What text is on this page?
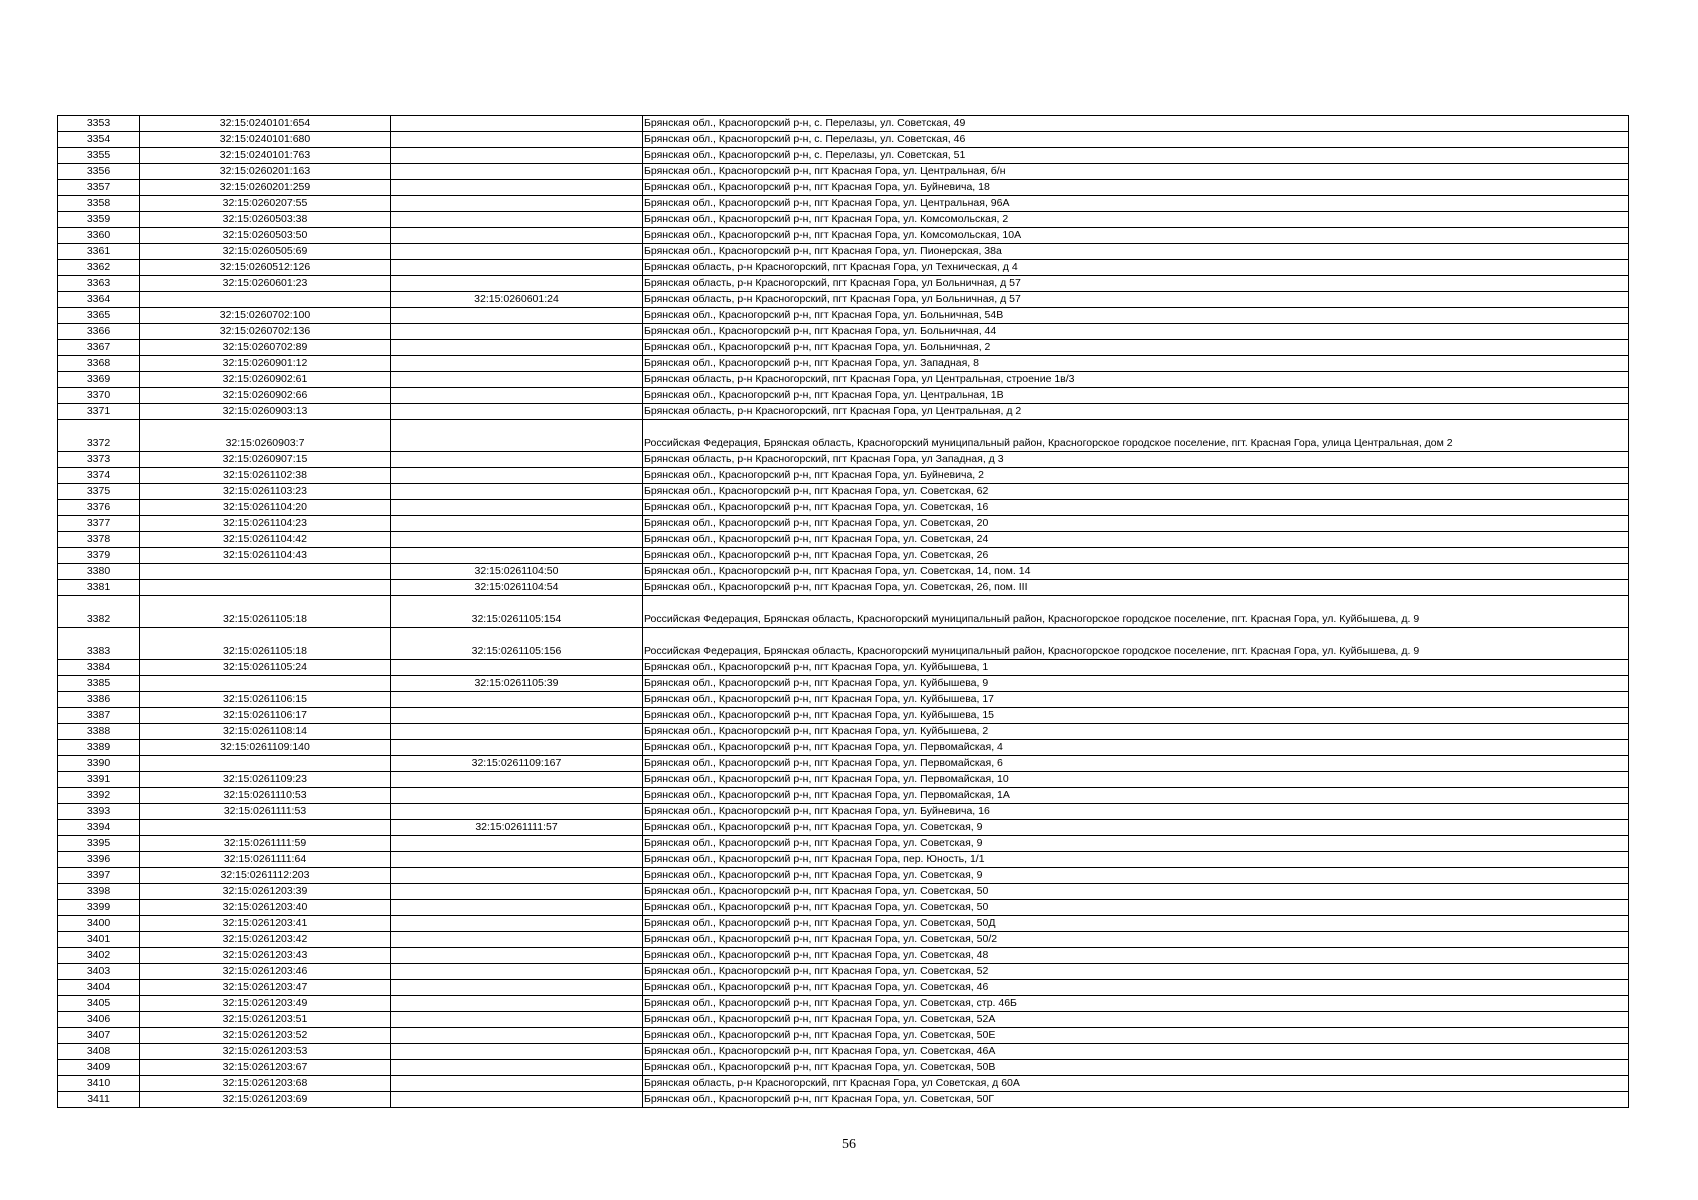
3353	32:15:0240101:654		Брянская обл., Красногорский р-н, с. Перелазы, ул. Советская, 49
3354	32:15:0240101:680		Брянская обл., Красногорский р-н, с. Перелазы, ул. Советская, 46
3355	32:15:0240101:763		Брянская обл., Красногорский р-н, с. Перелазы, ул. Советская, 51
3356	32:15:0260201:163		Брянская обл., Красногорский р-н, пгт Красная Гора, ул. Центральная, б/н
3357	32:15:0260201:259		Брянская обл., Красногорский р-н, пгт Красная Гора, ул. Буйневича, 18
3358	32:15:0260207:55		Брянская обл., Красногорский р-н, пгт Красная Гора, ул. Центральная, 96А
3359	32:15:0260503:38		Брянская обл., Красногорский р-н, пгт Красная Гора, ул. Комсомольская, 2
3360	32:15:0260503:50		Брянская обл., Красногорский р-н, пгт Красная Гора, ул. Комсомольская, 10А
3361	32:15:0260505:69		Брянская обл., Красногорский р-н, пгт Красная Гора, ул. Пионерская, 38а
3362	32:15:0260512:126		Брянская область, р-н Красногорский, пгт Красная Гора, ул Техническая, д 4
3363	32:15:0260601:23		Брянская область, р-н Красногорский, пгт Красная Гора, ул Больничная, д 57
3364		32:15:0260601:24	Брянская область, р-н Красногорский, пгт Красная Гора, ул Больничная, д 57
3365	32:15:0260702:100		Брянская обл., Красногорский р-н, пгт Красная Гора, ул. Больничная, 54В
3366	32:15:0260702:136		Брянская обл., Красногорский р-н, пгт Красная Гора, ул. Больничная, 44
3367	32:15:0260702:89		Брянская обл., Красногорский р-н, пгт Красная Гора, ул. Больничная, 2
3368	32:15:0260901:12		Брянская обл., Красногорский р-н, пгт Красная Гора, ул. Западная, 8
3369	32:15:0260902:61		Брянская область, р-н Красногорский, пгт Красная Гора, ул Центральная, строение 1в/3
3370	32:15:0260902:66		Брянская обл., Красногорский р-н, пгт Красная Гора, ул. Центральная, 1В
3371	32:15:0260903:13		Брянская область, р-н Красногорский, пгт Красная Гора, ул Центральная, д 2
3372	32:15:0260903:7		Российская Федерация, Брянская область, Красногорский муниципальный район, Красногорское городское поселение, пгт. Красная Гора, улица Центральная, дом 2
3373	32:15:0260907:15		Брянская область, р-н Красногорский, пгт Красная Гора, ул Западная, д 3
3374	32:15:0261102:38		Брянская обл., Красногорский р-н, пгт Красная Гора, ул. Буйневича, 2
3375	32:15:0261103:23		Брянская обл., Красногорский р-н, пгт Красная Гора, ул. Советская, 62
3376	32:15:0261104:20		Брянская обл., Красногорский р-н, пгт Красная Гора, ул. Советская, 16
3377	32:15:0261104:23		Брянская обл., Красногорский р-н, пгт Красная Гора, ул. Советская, 20
3378	32:15:0261104:42		Брянская обл., Красногорский р-н, пгт Красная Гора, ул. Советская, 24
3379	32:15:0261104:43		Брянская обл., Красногорский р-н, пгт Красная Гора, ул. Советская, 26
3380		32:15:0261104:50	Брянская обл., Красногорский р-н, пгт Красная Гора, ул. Советская, 14, пом. 14
3381		32:15:0261104:54	Брянская обл., Красногорский р-н, пгт Красная Гора, ул. Советская, 26, пом. III
3382	32:15:0261105:18	32:15:0261105:154	Российская Федерация, Брянская область, Красногорский муниципальный район, Красногорское городское поселение, пгт. Красная Гора, ул. Куйбышева, д. 9
3383	32:15:0261105:18	32:15:0261105:156	Российская Федерация, Брянская область, Красногорский муниципальный район, Красногорское городское поселение, пгт. Красная Гора, ул. Куйбышева, д. 9
3384	32:15:0261105:24		Брянская обл., Красногорский р-н, пгт Красная Гора, ул. Куйбышева, 1
3385		32:15:0261105:39	Брянская обл., Красногорский р-н, пгт Красная Гора, ул. Куйбышева, 9
3386	32:15:0261106:15		Брянская обл., Красногорский р-н, пгт Красная Гора, ул. Куйбышева, 17
3387	32:15:0261106:17		Брянская обл., Красногорский р-н, пгт Красная Гора, ул. Куйбышева, 15
3388	32:15:0261108:14		Брянская обл., Красногорский р-н, пгт Красная Гора, ул. Куйбышева, 2
3389	32:15:0261109:140		Брянская обл., Красногорский р-н, пгт Красная Гора, ул. Первомайская, 4
3390		32:15:0261109:167	Брянская обл., Красногорский р-н, пгт Красная Гора, ул. Первомайская, 6
3391	32:15:0261109:23		Брянская обл., Красногорский р-н, пгт Красная Гора, ул. Первомайская, 10
3392	32:15:0261110:53		Брянская обл., Красногорский р-н, пгт Красная Гора, ул. Первомайская, 1А
3393	32:15:0261111:53		Брянская обл., Красногорский р-н, пгт Красная Гора, ул. Буйневича, 16
3394		32:15:0261111:57	Брянская обл., Красногорский р-н, пгт Красная Гора, ул. Советская, 9
3395	32:15:0261111:59		Брянская обл., Красногорский р-н, пгт Красная Гора, ул. Советская, 9
3396	32:15:0261111:64		Брянская обл., Красногорский р-н, пгт Красная Гора, пер. Юность, 1/1
3397	32:15:0261112:203		Брянская обл., Красногорский р-н, пгт Красная Гора, ул. Советская, 9
3398	32:15:0261203:39		Брянская обл., Красногорский р-н, пгт Красная Гора, ул. Советская, 50
3399	32:15:0261203:40		Брянская обл., Красногорский р-н, пгт Красная Гора, ул. Советская, 50
3400	32:15:0261203:41		Брянская обл., Красногорский р-н, пгт Красная Гора, ул. Советская, 50Д
3401	32:15:0261203:42		Брянская обл., Красногорский р-н, пгт Красная Гора, ул. Советская, 50/2
3402	32:15:0261203:43		Брянская обл., Красногорский р-н, пгт Красная Гора, ул. Советская, 48
3403	32:15:0261203:46		Брянская обл., Красногорский р-н, пгт Красная Гора, ул. Советская, 52
3404	32:15:0261203:47		Брянская обл., Красногорский р-н, пгт Красная Гора, ул. Советская, 46
3405	32:15:0261203:49		Брянская обл., Красногорский р-н, пгт Красная Гора, ул. Советская, стр. 46Б
3406	32:15:0261203:51		Брянская обл., Красногорский р-н, пгт Красная Гора, ул. Советская, 52А
3407	32:15:0261203:52		Брянская обл., Красногорский р-н, пгт Красная Гора, ул. Советская, 50Е
3408	32:15:0261203:53		Брянская обл., Красногорский р-н, пгт Красная Гора, ул. Советская, 46А
3409	32:15:0261203:67		Брянская обл., Красногорский р-н, пгт Красная Гора, ул. Советская, 50В
3410	32:15:0261203:68		Брянская область, р-н Красногорский, пгт Красная Гора, ул Советская, д 60А
3411	32:15:0261203:69		Брянская обл., Красногорский р-н, пгт Красная Гора, ул. Советская, 50Г
56
